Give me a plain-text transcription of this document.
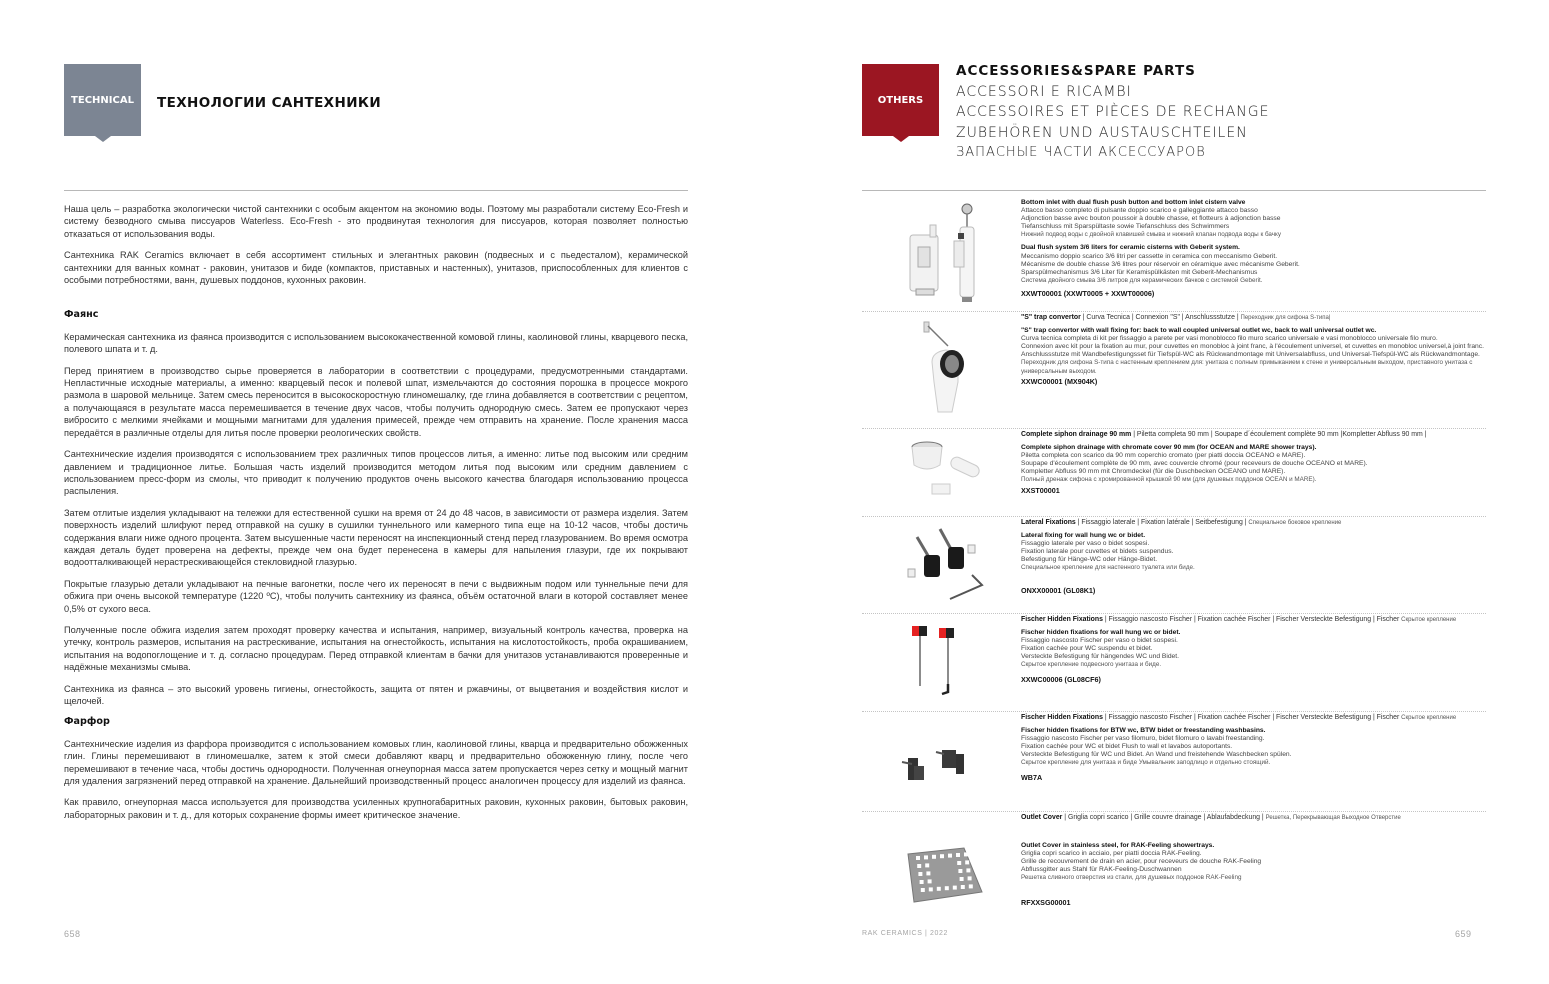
TECHNICAL ТЕХНОЛОГИИ САНТЕХНИКИ

Наша цель – разработка экологически чистой сантехники с особым акцентом на экономию воды. Поэтому мы разработали систему Eco-Fresh и систему безводного смыва писсуаров Waterless. Eco-Fresh - это продвинутая технология для писсуаров, которая позволяет полностью отказаться от использования воды.

Сантехника RAK Ceramics включает в себя ассортимент стильных и элегантных раковин (подвесных и с пьедесталом), керамической сантехники для ванных комнат - раковин, унитазов и биде (компактов, приставных и настенных), унитазов, приспособленных для клиентов с особыми потребностями, ванн, душевых поддонов, кухонных раковин.

Фаянс

Керамическая сантехника из фаянса производится с использованием высококачественной комовой глины, каолиновой глины, кварцевого песка, полевого шпата и т. д.

Перед принятием в производство сырье проверяется в лаборатории в соответствии с процедурами, предусмотренными стандартами. Непластичные исходные материалы, а именно: кварцевый песок и полевой шпат, измельчаются до состояния порошка в процессе мокрого размола в шаровой мельнице. Затем смесь переносится в высокоскоростную глиномешалку, где глина добавляется в соответствии с рецептом, а получающаяся в результате масса перемешивается в течение двух часов, чтобы получить однородную смесь. Затем ее пропускают через вибросито с мелкими ячейками и мощными магнитами для удаления примесей, прежде чем отправить на хранение. После хранения масса передаётся в различные отделы для литья после проверки реологических свойств.

Сантехнические изделия производятся с использованием трех различных типов процессов литья, а именно: литье под высоким или средним давлением и традиционное литье. Большая часть изделий производится методом литья под высоким или средним давлением с использованием пресс-форм из смолы, что приводит к получению продуктов очень высокого качества благодаря использованию процесса распыления.

Затем отлитые изделия укладывают на тележки для естественной сушки на время от 24 до 48 часов, в зависимости от размера изделия. Затем поверхность изделий шлифуют перед отправкой на сушку в сушилки туннельного или камерного типа еще на 10-12 часов, чтобы достичь содержания влаги ниже одного процента. Затем высушенные части переносят на инспекционный стенд перед глазурованием. Во время осмотра каждая деталь будет проверена на дефекты, прежде чем она будет перенесена в камеры для напыления глазури, где их покрывают водоотталкивающей нерастрескивающейся стекловидной глазурью.

Покрытые глазурью детали укладывают на печные вагонетки, после чего их переносят в печи с выдвижным подом или туннельные печи для обжига при очень высокой температуре (1220 ºC), чтобы получить сантехнику из фаянса, объём остаточной влаги в которой составляет менее 0,5% от сухого веса.

Полученные после обжига изделия затем проходят проверку качества и испытания, например, визуальный контроль качества, проверка на утечку, контроль размеров, испытания на растрескивание, испытания на огнестойкость, испытания на кислотостойкость, проба окрашиванием, испытания на водопоглощение и т. д. согласно процедурам. Перед отправкой клиентам в бачки для унитазов устанавливаются проверенные и надёжные механизмы смыва.

Сантехника из фаянса – это высокий уровень гигиены, огнестойкость, защита от пятен и ржавчины, от выцветания и воздействия кислот и щелочей.

Фарфор

Сантехнические изделия из фарфора производится с использованием комовых глин, каолиновой глины, кварца и предварительно обожженных глин. Глины перемешивают в глиномешалке, затем к этой смеси добавляют кварц и предварительно обожженную глину, после чего перемешивают в течение часа, чтобы достичь однородности. Полученная огнеупорная масса затем пропускается через сетку и мощный магнит для удаления загрязнений перед отправкой на хранение. Дальнейший производственный процесс аналогичен процессу для изделий из фаянса.

Как правило, огнеупорная масса используется для производства усиленных крупногабаритных раковин, кухонных раковин, бытовых раковин, лабораторных раковин и т. д., для которых сохранение формы имеет критическое значение.

658
OTHERS
ACCESSORIES&SPARE PARTS
ACCESSORI E RICAMBI
ACCESSOIRES ET PIÈCES DE RECHANGE
ZUBEHÖREN UND AUSTAUSCHTEILEN
ЗАПАСНЫЕ ЧАСТИ АКСЕССУАРОВ
Bottom inlet with dual flush push button and bottom inlet cistern valve
Attacco basso completo di pulsante doppio scarico e galleggiante attacco basso
Adjonction basse avec bouton poussoir à double chasse, et flotteurs à adjonction basse
Tiefanschluss mit Sparspültaste sowie Tiefanschluss des Schwimmers
Нижний подвод воды с двойной клавишей смыва и нижний клапан подвода воды к бачку
Dual flush system 3/6 liters for ceramic cisterns with Geberit system.
Meccanismo doppio scarico 3/6 litri per cassette in ceramica con meccanismo Geberit.
Mécanisme de double chasse 3/6 litres pour réservoir en céramique avec mécanisme Geberit.
Sparspülmechanismus 3/6 Liter für Keramispülkästen mit Geberit-Mechanismus
Система двойного смыва 3/6 литров для керамических бачков с системой Geberit.
XXWT00001 (XXWT0005 + XXWT00006)
"S" trap convertor | Curva Tecnica | Connexion "S" | Anschlussstutze | Переходник для сифона S-типа|
"S" trap convertor with wall fixing for: back to wall coupled universal outlet wc, back to wall universal outlet wc.
Curva tecnica completa di kit per fissaggio a parete per vasi monoblocco filo muro scarico universale e vasi monoblocco universale filo muro.
Connexion avec kit pour la fixation au mur, pour cuvettes en monobloc à joint franc, à l'écoulement universel, et cuvettes en monobloc universel,à joint franc.
Anschlussstutze mit Wandbefestigungsset für Tiefspül-WC als Rückwandmontage mit Universalabfluss, und Universal-Tiefspül-WC als Rückwandmontage.
Переходник для сифона S-типа с настенным креплением для: унитаза с полным примыканием к стене и универсальным выходом, приставного унитаза с универсальным выходом.
XXWC00001 (MX904K)
Complete siphon drainage 90 mm | Piletta completa 90 mm | Soupape d´écoulement complète 90 mm |Kompletter Abfluss 90 mm |
Complete siphon drainage with chromate cover 90 mm (for OCEAN and MARE shower trays).
Piletta completa con scarico da 90 mm coperchio cromato (per piatti doccia OCEANO e MARE).
Soupape d'écoulement complète de 90 mm, avec couvercle chromé (pour receveurs de douche OCEANO et MARE).
Kompletter Abfluss 90 mm mit Chromdeckel (für die Duschbecken OCEANO und MARE).
Полный дренаж сифона с хромированной крышкой 90 мм (для душевых поддонов OCEAN и MARE).
XXST00001
Lateral Fixations | Fissaggio laterale | Fixation latérale | Seitbefestigung | Специальное боковое крепление
Lateral fixing for wall hung wc or bidet.
Fissaggio laterale per vaso o bidet sospesi.
Fixation laterale pour cuvettes et bidets suspendus.
Befestigung für Hänge-WC oder Hänge-Bidet.
Специальное крепление для настенного туалета или биде.
ONXX00001 (GL08K1)
Fischer Hidden Fixations | Fissaggio nascosto Fischer | Fixation cachée Fischer | Fischer Versteckte Befestigung | Fischer Скрытое крепление
Fischer hidden fixations for wall hung wc or bidet.
Fissaggio nascosto Fischer per vaso o bidet sospesi.
Fixation cachée pour WC suspendu et bidet.
Versteckte Befestigung für hängendes WC und Bidet.
Скрытое крепление подвесного унитаза и биде.
XXWC00006 (GL08CF6)
Fischer Hidden Fixations | Fissaggio nascosto Fischer | Fixation cachée Fischer | Fischer Versteckte Befestigung | Fischer Скрытое крепление
Fischer hidden fixations for BTW wc, BTW bidet or freestanding washbasins.
Fissaggio nascosto Fischer per vaso filomuro, bidet filomuro o lavabi freestanding.
Fixation cachée pour WC et bidet Flush to wall et lavabos autoportants.
Versteckte Befestigung für WC und Bidet. An Wand und freistehende Waschbecken spülen.
Скрытое крепление для унитаза и биде Умывальник заподлицо и отдельно стоящий.
WB7A
Outlet Cover | Griglia copri scarico | Grille couvre drainage | Ablaufabdeckung | Решетка, Перекрывающая Выходное Отверстие
Outlet Cover in stainless steel, for RAK-Feeling showertrays.
Griglia copri scarico in acciaio, per piatti doccia RAK-Feeling.
Grille de recouvrement de drain en acier, pour receveurs de douche RAK-Feeling
Abflussgitter aus Stahl für RAK-Feeling-Duschwannen
Решетка сливного отверстия из стали, для душевых поддонов RAK-Feeling
RFXXSG00001
RAK CERAMICS | 2022	659
